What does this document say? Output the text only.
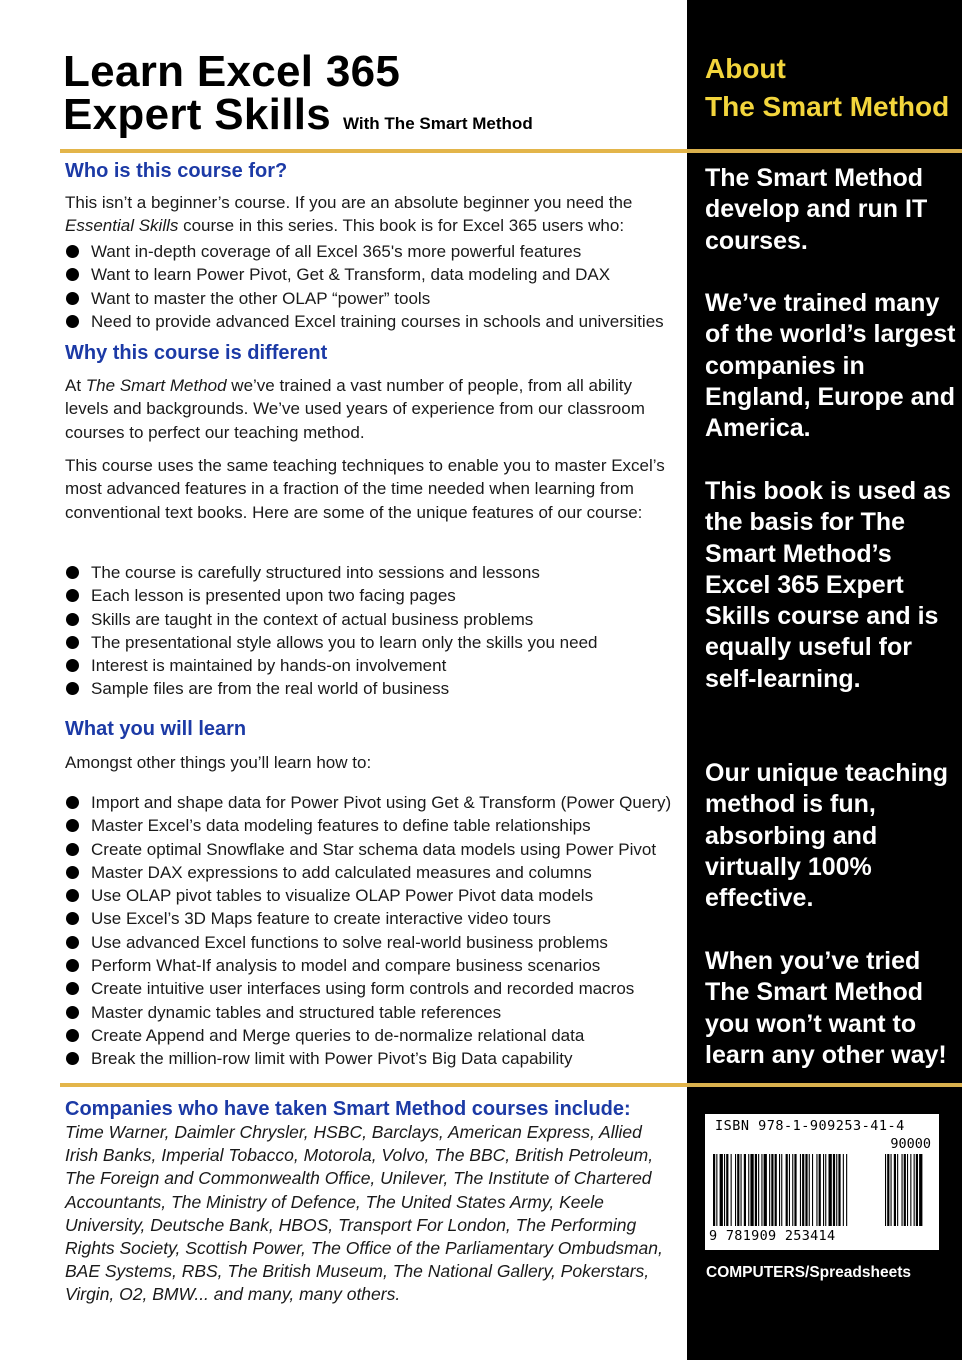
Learn Excel 365
Expert Skills With The Smart Method
Who is this course for?

This isn’t a beginner’s course. If you are an absolute beginner you need the Essential Skills course in this series. This book is for Excel 365 users who:

Want in-depth coverage of all Excel 365's more powerful features
Want to learn Power Pivot, Get & Transform, data modeling and DAX
Want to master the other OLAP “power” tools
Need to provide advanced Excel training courses in schools and universities
Why this course is different

At The Smart Method we’ve trained a vast number of people, from all ability levels and backgrounds. We’ve used years of experience from our classroom courses to perfect our teaching method.

This course uses the same teaching techniques to enable you to master Excel’s most advanced features in a fraction of the time needed when learning from conventional text books. Here are some of the unique features of our course:

The course is carefully structured into sessions and lessons
Each lesson is presented upon two facing pages
Skills are taught in the context of actual business problems
The presentational style allows you to learn only the skills you need
Interest is maintained by hands-on involvement
Sample files are from the real world of business
What you will learn

Amongst other things you’ll learn how to:

Import and shape data for Power Pivot using Get & Transform (Power Query)
Master Excel’s data modeling features to define table relationships
Create optimal Snowflake and Star schema data models using Power Pivot
Master DAX expressions to add calculated measures and columns
Use OLAP pivot tables to visualize OLAP Power Pivot data models
Use Excel’s 3D Maps feature to create interactive video tours
Use advanced Excel functions to solve real-world business problems
Perform What-If analysis to model and compare business scenarios
Create intuitive user interfaces using form controls and recorded macros
Master dynamic tables and structured table references
Create Append and Merge queries to de-normalize relational data
Break the million-row limit with Power Pivot’s Big Data capability
Companies who have taken Smart Method courses include:

Time Warner, Daimler Chrysler, HSBC, Barclays, American Express, Allied Irish Banks, Imperial Tobacco, Motorola, Volvo, The BBC, British Petroleum, The Foreign and Commonwealth Office, Unilever, The Institute of Chartered Accountants, The Ministry of Defence, The United States Army, Keele University, Deutsche Bank, HBOS, Transport For London, The Performing Rights Society, Scottish Power, The Office of the Parliamentary Ombudsman, BAE Systems, RBS, The British Museum, The National Gallery, Pokerstars, Virgin, O2, BMW... and many, many others.

About
The Smart Method

The Smart Method develop and run IT courses.

We’ve trained many of the world’s largest companies in England, Europe and America.

This book is used as the basis for The Smart Method’s Excel 365 Expert Skills course and is equally useful for self-learning.

Our unique teaching method is fun, absorbing and virtually 100% effective.

When you’ve tried The Smart Method you won’t want to learn any other way!

ISBN 978-1-909253-41-4

90000

9 781909 253414

COMPUTERS/Spreadsheets
